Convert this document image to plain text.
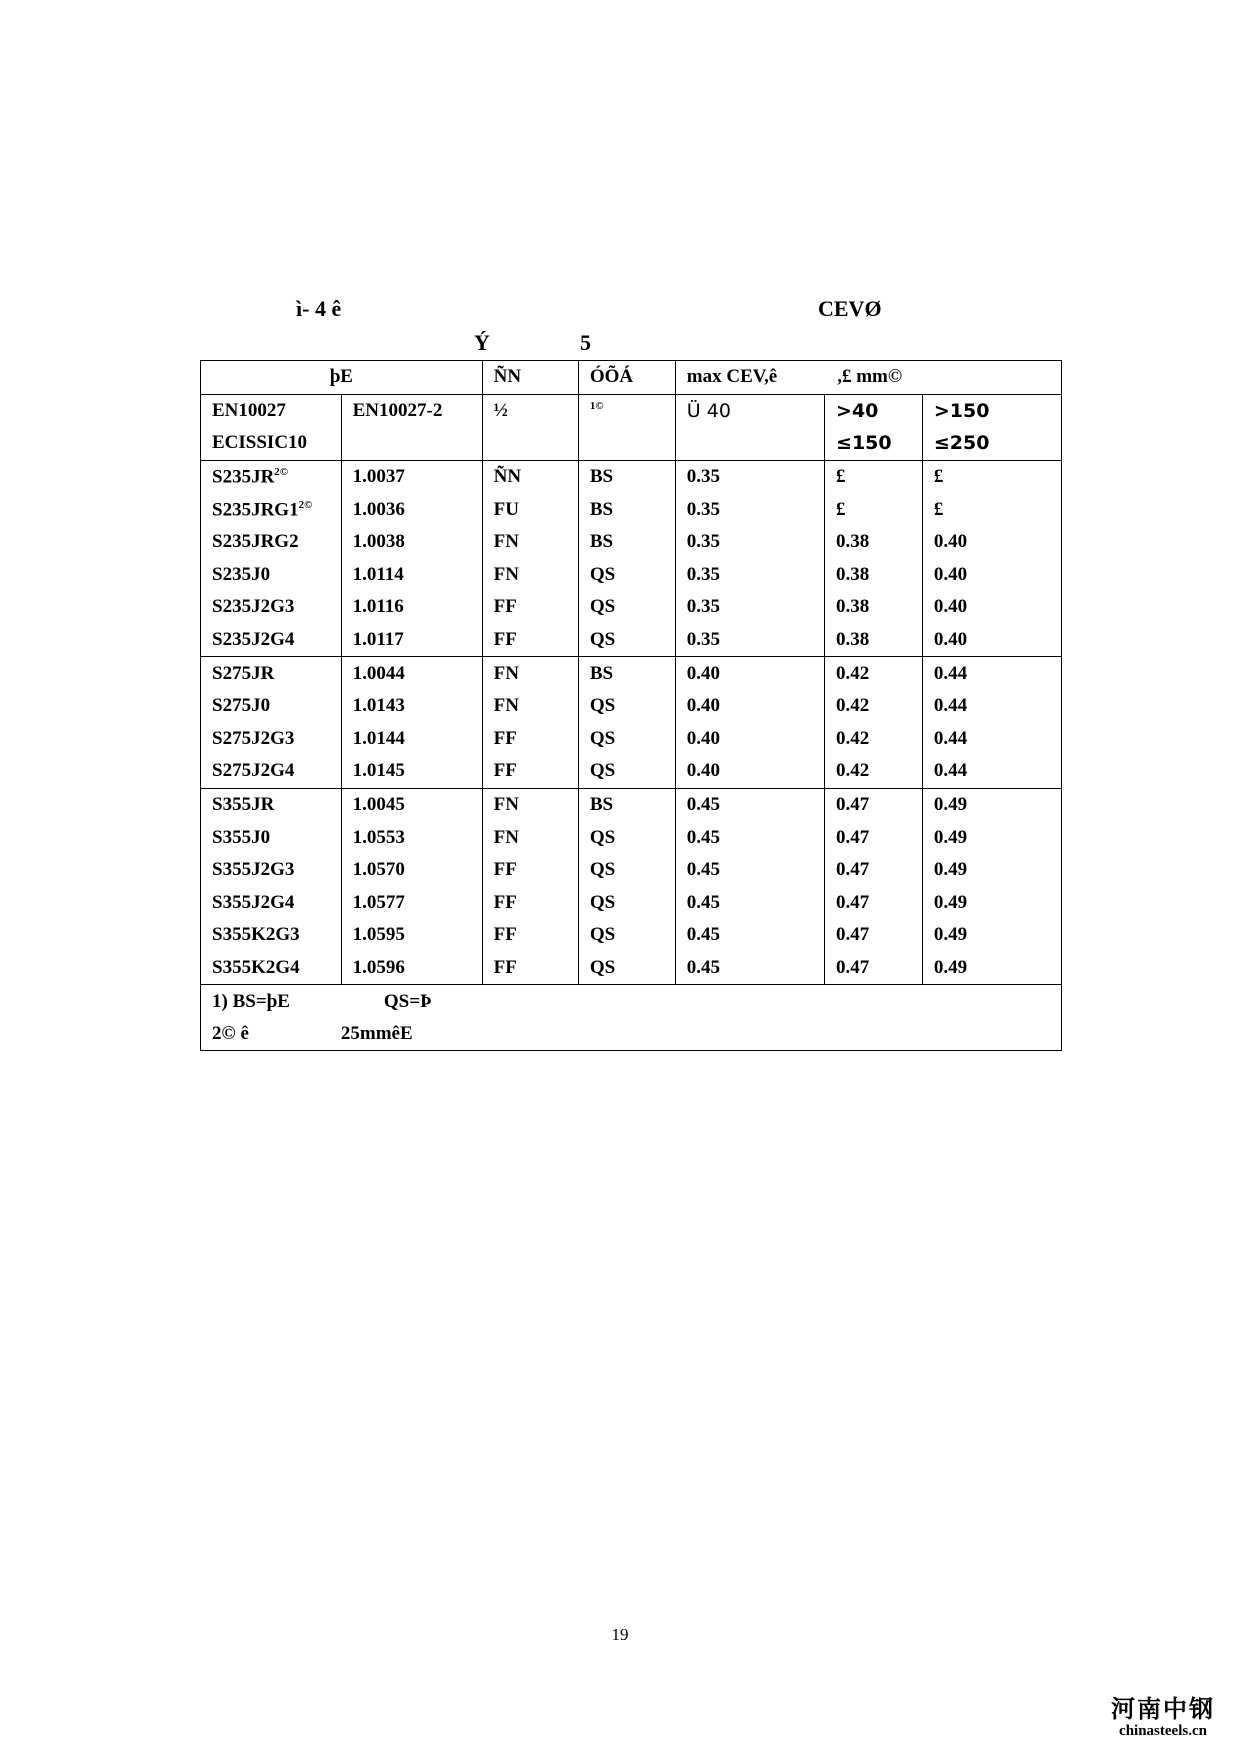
ì- 4 ê	CEVØ
Ý	5
þE		ÑN	ÓÕÁ	max CEV,ê ,£ mm©		
EN10027	EN10027-2	½	$^{1©}$	Ü 40	>40	>150
ECISSIC10					≤150	≤250
$S235JR^{2©}$	1.0037	ÑN	BS	0.35	£	£
$S235JRG1^{2©}$	1.0036	FU	BS	0.35	£	£
S235JRG2	1.0038	FN	BS	0.35	0.38	0.40
S235J0	1.0114	FN	QS	0.35	0.38	0.40
S235J2G3	1.0116	FF	QS	0.35	0.38	0.40
S235J2G4	1.0117	FF	QS	0.35	0.38	0.40
S275JR	1.0044	FN	BS	0.40	0.42	0.44
S275J0	1.0143	FN	QS	0.40	0.42	0.44
S275J2G3	1.0144	FF	QS	0.40	0.42	0.44
S275J2G4	1.0145	FF	QS	0.40	0.42	0.44
S355JR	1.0045	FN	BS	0.45	0.47	0.49
S355J0	1.0553	FN	QS	0.45	0.47	0.49
S355J2G3	1.0570	FF	QS	0.45	0.47	0.49
S355J2G4	1.0577	FF	QS	0.45	0.47	0.49
S355K2G3	1.0595	FF	QS	0.45	0.47	0.49
S355K2G4	1.0596	FF	QS	0.45	0.47	0.49
1) BS=þE QS=Þ						
2© ê 25mmêE						
19
河南中钢
chinasteels.cn
